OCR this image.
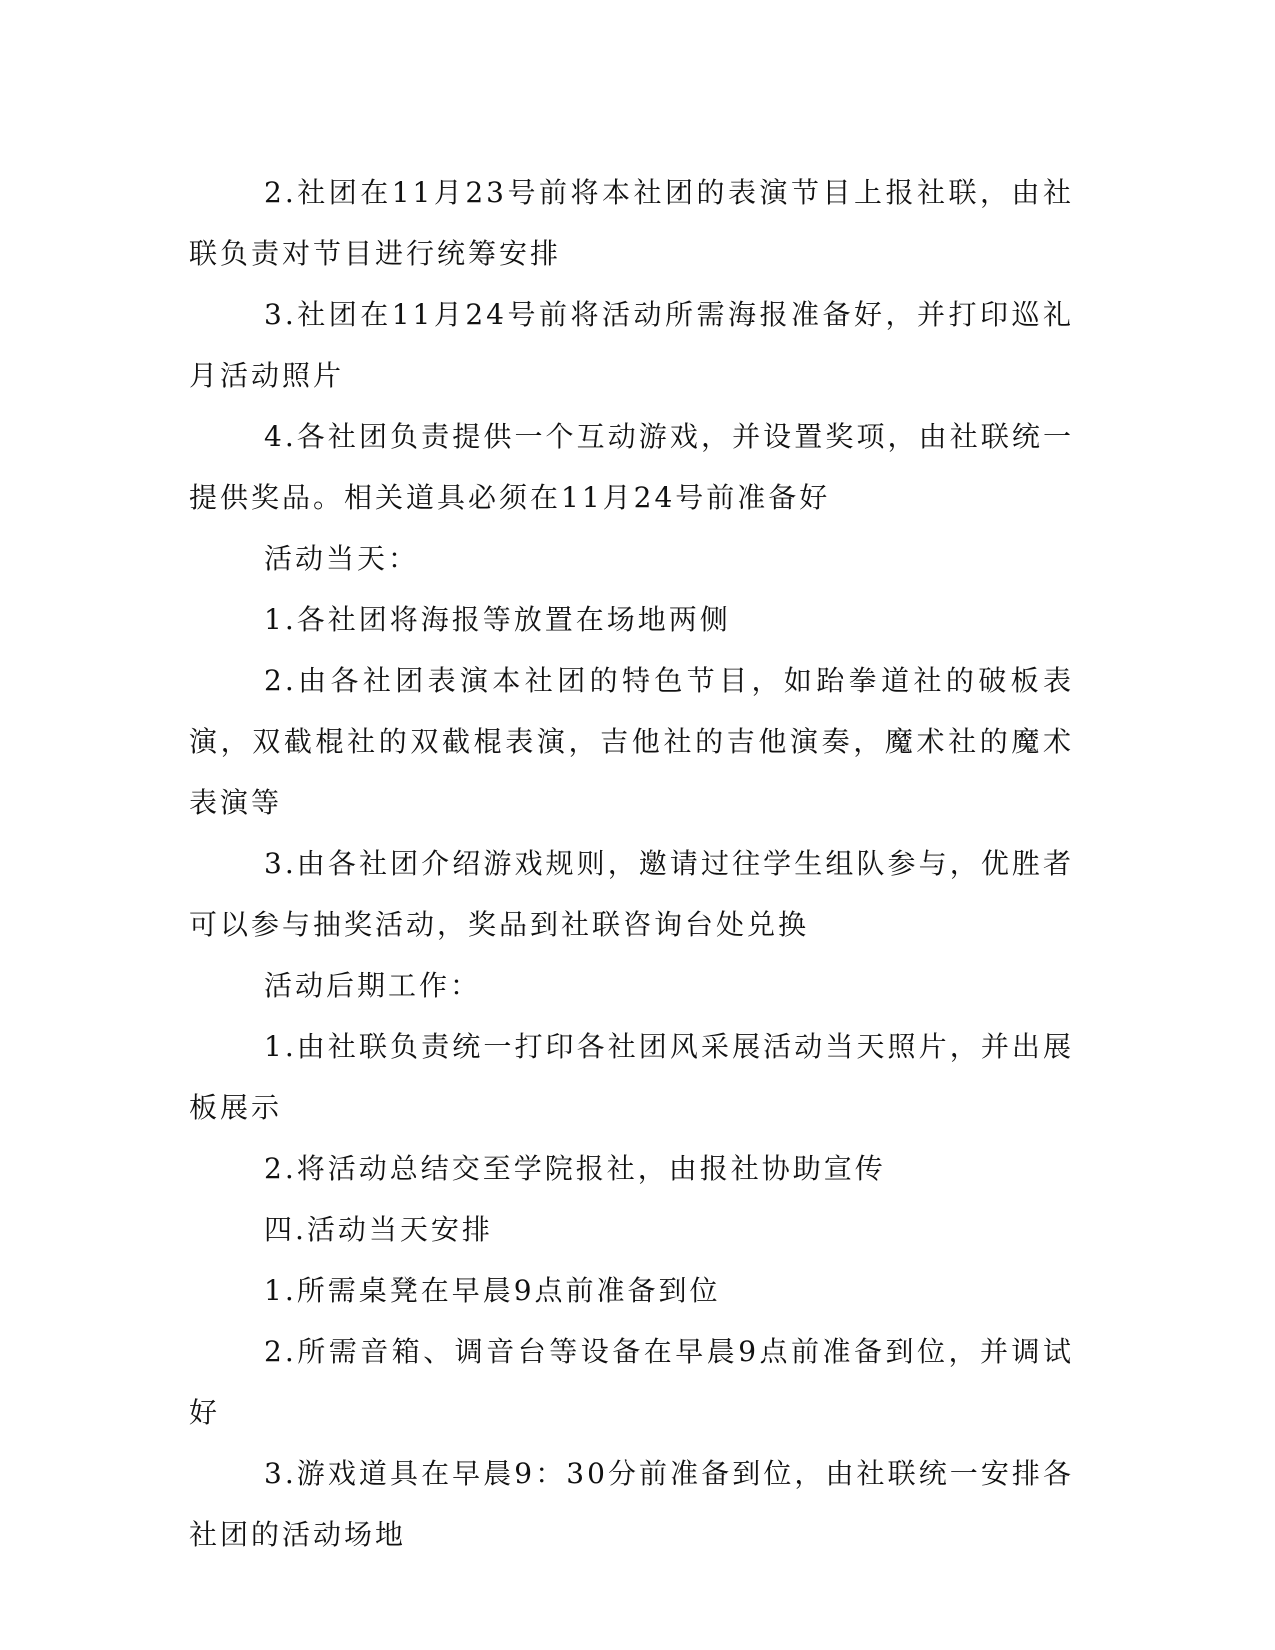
2.社团在11月23号前将本社团的表演节目上报社联，由社联负责对节目进行统筹安排

3.社团在11月24号前将活动所需海报准备好，并打印巡礼月活动照片

4.各社团负责提供一个互动游戏，并设置奖项，由社联统一提供奖品。相关道具必须在11月24号前准备好

活动当天：

1.各社团将海报等放置在场地两侧

2.由各社团表演本社团的特色节目，如跆拳道社的破板表演，双截棍社的双截棍表演，吉他社的吉他演奏，魔术社的魔术表演等

3.由各社团介绍游戏规则，邀请过往学生组队参与，优胜者可以参与抽奖活动，奖品到社联咨询台处兑换

活动后期工作：

1.由社联负责统一打印各社团风采展活动当天照片，并出展板展示

2.将活动总结交至学院报社，由报社协助宣传

四.活动当天安排

1.所需桌凳在早晨9点前准备到位

2.所需音箱、调音台等设备在早晨9点前准备到位，并调试好

3.游戏道具在早晨9：30分前准备到位，由社联统一安排各社团的活动场地
